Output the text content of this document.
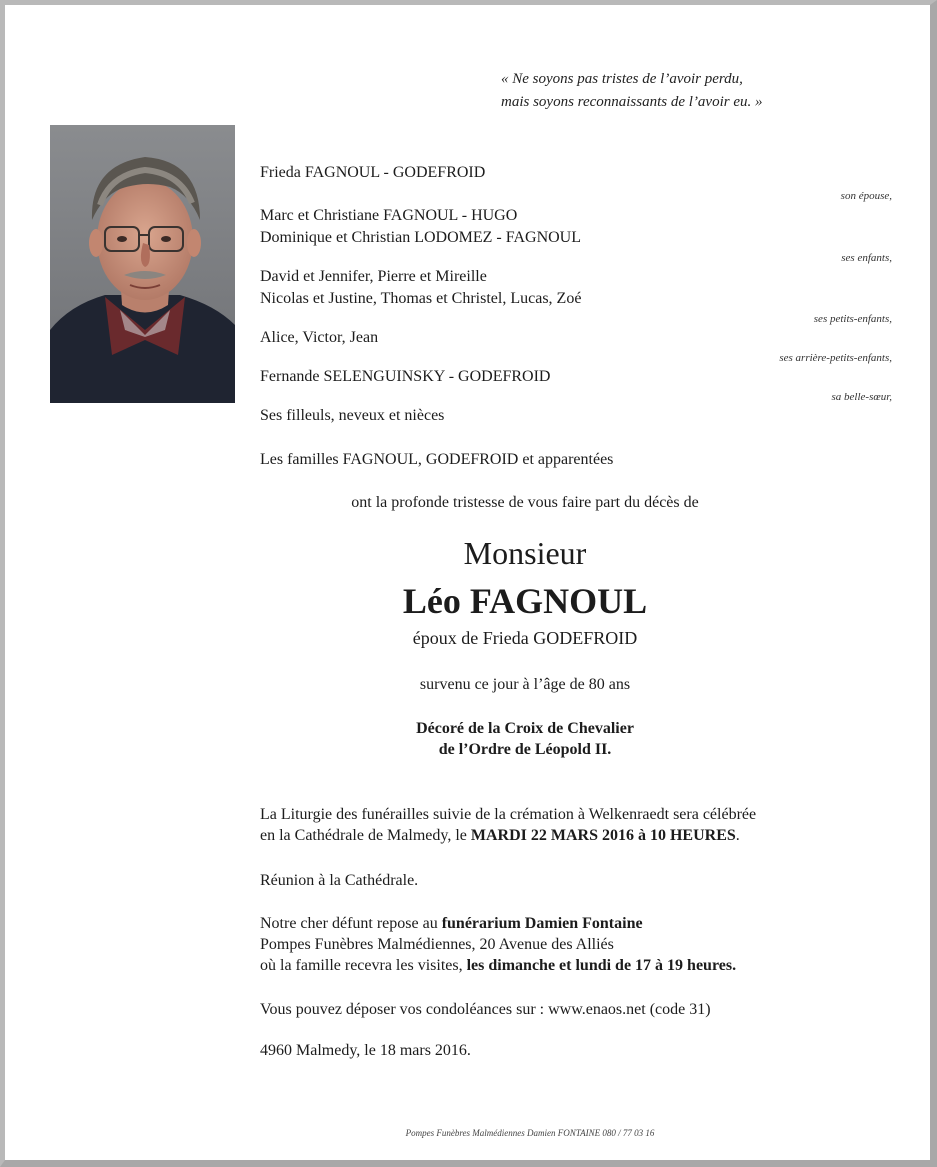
« Ne soyons pas tristes de l’avoir perdu,
mais soyons reconnaissants de l’avoir eu. »
Frieda FAGNOUL - GODEFROID
son épouse,
Marc et Christiane FAGNOUL - HUGO
Dominique et Christian LODOMEZ - FAGNOUL
ses enfants,
David et Jennifer, Pierre et Mireille
Nicolas et Justine, Thomas et Christel, Lucas, Zoé
ses petits-enfants,
Alice, Victor, Jean
ses arrière-petits-enfants,
Fernande SELENGUINSKY - GODEFROID
sa belle-sœur,
Ses filleuls, neveux et nièces
Les familles FAGNOUL, GODEFROID et apparentées
ont la profonde tristesse de vous faire part du décès de
Monsieur
Léo FAGNOUL
époux de Frieda GODEFROID
survenu ce jour à l’âge de 80 ans
Décoré de la Croix de Chevalier
de l’Ordre de Léopold II.
La Liturgie des funérailles suivie de la crémation à Welkenraedt sera célébrée
en la Cathédrale de Malmedy, le MARDI 22 MARS 2016 à 10 HEURES.
Réunion à la Cathédrale.
Notre cher défunt repose au funérarium Damien Fontaine
Pompes Funèbres Malmédiennes, 20 Avenue des Alliés
où la famille recevra les visites, les dimanche et lundi de 17 à 19 heures.
Vous pouvez déposer vos condoléances sur : www.enaos.net (code 31)
4960 Malmedy, le 18 mars 2016.
Pompes Funèbres Malmédiennes Damien FONTAINE 080 / 77 03 16
